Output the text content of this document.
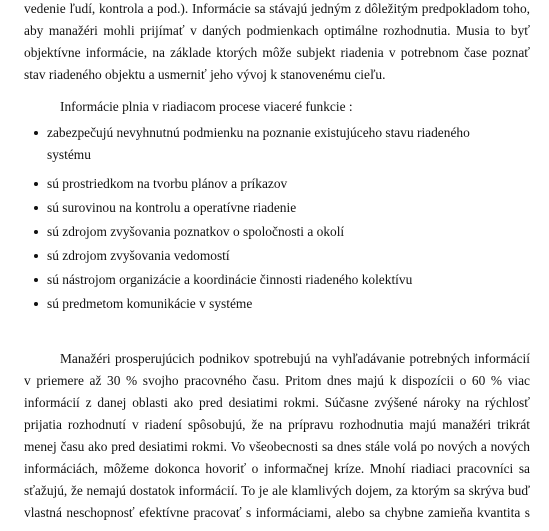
vedenie ľudí, kontrola a pod.). Informácie sa stávajú jedným z dôležitým predpokladom toho,
aby manažéri mohli prijímať v daných podmienkach optimálne rozhodnutia. Musia to byť
objektívne informácie, na základe ktorých môže subjekt riadenia v potrebnom čase poznať
stav riadeného objektu a usmerniť jeho vývoj k stanovenému cieľu.
Informácie plnia v riadiacom procese viaceré funkcie :
zabezpečujú nevyhnutnú podmienku na poznanie existujúceho stavu riadeného
systému
sú prostriedkom na tvorbu plánov a príkazov
sú surovinou na kontrolu a operatívne riadenie
sú zdrojom zvyšovania poznatkov o spoločnosti a okolí
sú zdrojom zvyšovania vedomostí
sú nástrojom organizácie a koordinácie činnosti riadeného kolektívu
sú predmetom komunikácie v systéme
Manažéri prosperujúcich podnikov spotrebujú na vyhľadávanie potrebných informácií
v priemere až 30 % svojho pracovného času. Pritom dnes majú k dispozícii o 60 % viac
informácií z danej oblasti ako pred desiatimi rokmi. Súčasne zvýšené nároky na rýchlosť
prijatia rozhodnutí v riadení spôsobujú, že na prípravu rozhodnutia majú manažéri trikrát
menej času ako pred desiatimi rokmi. Vo všeobecnosti sa dnes stále volá po nových a nových
informáciách, môžeme dokonca hovoriť o informačnej kríze. Mnohí riadiaci pracovníci sa
sťažujú, že nemajú dostatok informácií. To je ale klamlivých dojem, za ktorým sa skrýva buď
vlastná neschopnosť efektívne pracovať s informáciami, alebo sa chybne zamieňa kvantita s
